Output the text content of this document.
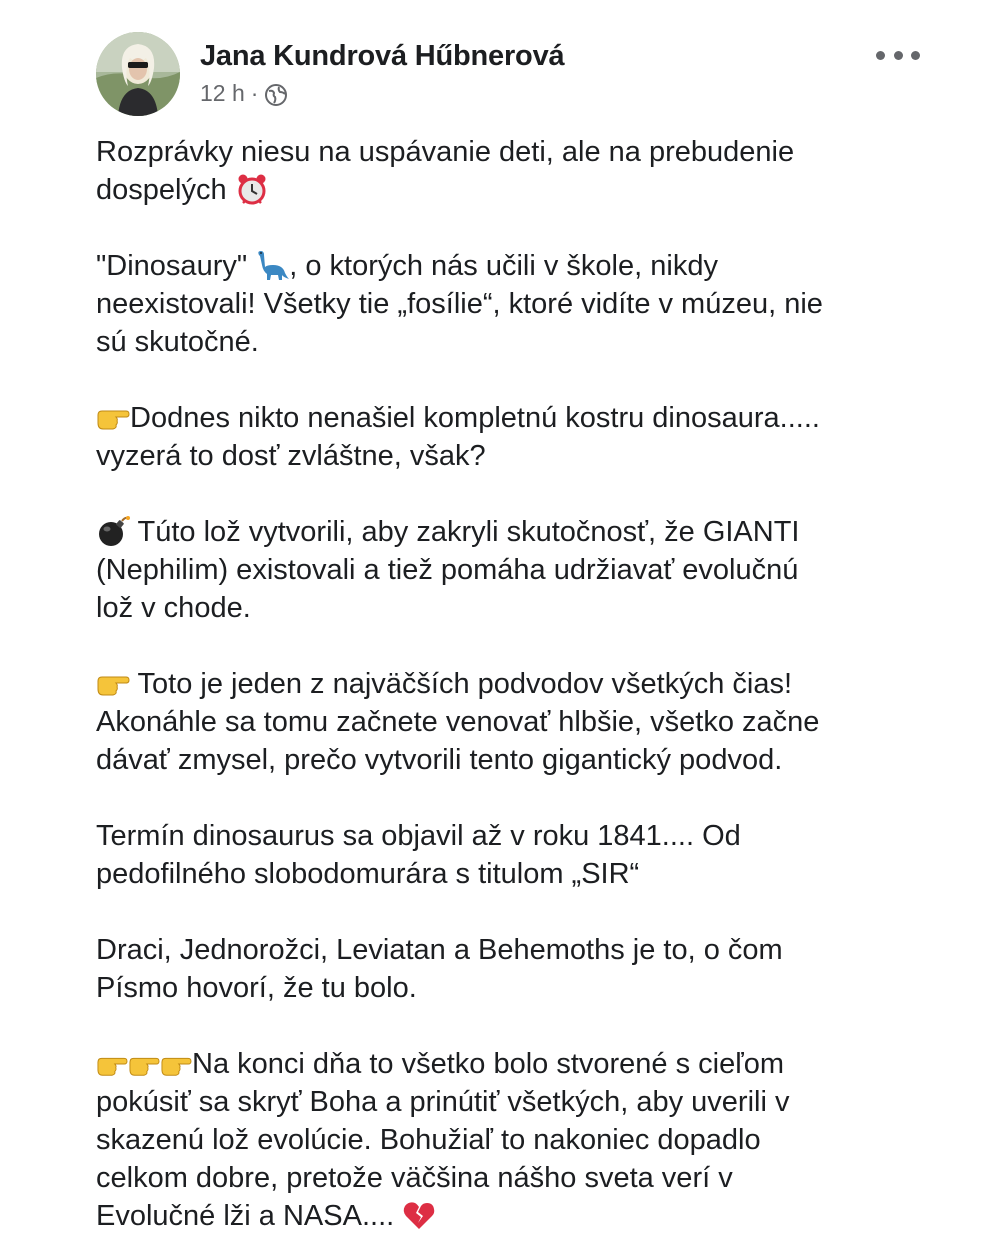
Jana Kundrová Hűbnerová
12 h ·

Rozprávky niesu na uspávanie deti, ale na prebudenie
dospelých

"Dinosaury" , o ktorých nás učili v škole, nikdy
neexistovali! Všetky tie „fosílie“, ktoré vidíte v múzeu, nie
sú skutočné.

Dodnes nikto nenašiel kompletnú kostru dinosaura.....
vyzerá to dosť zvláštne, však?

Túto lož vytvorili, aby zakryli skutočnosť, že GIANTI
(Nephilim) existovali a tiež pomáha udržiavať evolučnú
lož v chode.

Toto je jeden z najväčších podvodov všetkých čias!
Akonáhle sa tomu začnete venovať hlbšie, všetko začne
dávať zmysel, prečo vytvorili tento gigantický podvod.

Termín dinosaurus sa objavil až v roku 1841.... Od
pedofilného slobodomurára s titulom „SIR“

Draci, Jednorožci, Leviatan a Behemoths je to, o čom
Písmo hovorí, že tu bolo.

Na konci dňa to všetko bolo stvorené s cieľom
pokúsiť sa skryť Boha a prinútiť všetkých, aby uverili v
skazenú lož evolúcie. Bohužiaľ to nakoniec dopadlo
celkom dobre, pretože väčšina nášho sveta verí v
Evolučné lži a NASA....
